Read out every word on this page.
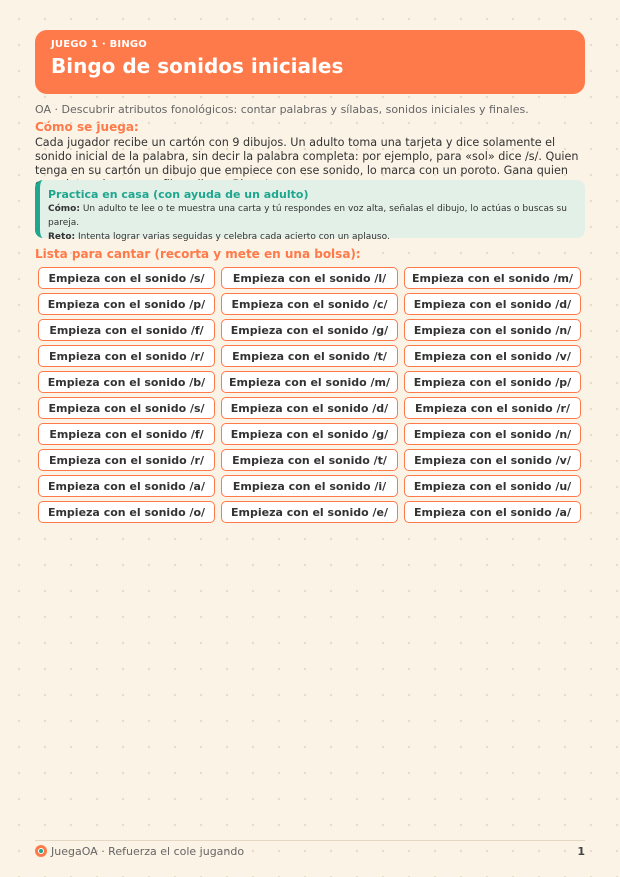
JUEGO 1 · BINGO
Bingo de sonidos iniciales
OA · Descubrir atributos fonológicos: contar palabras y sílabas, sonidos iniciales y finales.
Cómo se juega:
Cada jugador recibe un cartón con 9 dibujos. Un adulto toma una tarjeta y dice solamente el sonido inicial de la palabra, sin decir la palabra completa: por ejemplo, para «sol» dice /s/. Quien tenga en su cartón un dibujo que empiece con ese sonido, lo marca con un poroto. Gana quien
Practica en casa (con ayuda de un adulto)
Cómo: Un adulto te lee o te muestra una carta y tú respondes en voz alta, señalas el dibujo, lo actúas o buscas su pareja.
Reto: Intenta lograr varias seguidas y celebra cada acierto con un aplauso.
Lista para cantar (recorta y mete en una bolsa):
Empieza con el sonido /s/	Empieza con el sonido /l/	Empieza con el sonido /m/
Empieza con el sonido /p/	Empieza con el sonido /c/	Empieza con el sonido /d/
Empieza con el sonido /f/	Empieza con el sonido /g/	Empieza con el sonido /n/
Empieza con el sonido /r/	Empieza con el sonido /t/	Empieza con el sonido /v/
Empieza con el sonido /b/	Empieza con el sonido /m/	Empieza con el sonido /p/
Empieza con el sonido /s/	Empieza con el sonido /d/	Empieza con el sonido /r/
Empieza con el sonido /f/	Empieza con el sonido /g/	Empieza con el sonido /n/
Empieza con el sonido /r/	Empieza con el sonido /t/	Empieza con el sonido /v/
Empieza con el sonido /a/	Empieza con el sonido /i/	Empieza con el sonido /u/
Empieza con el sonido /o/	Empieza con el sonido /e/	Empieza con el sonido /a/
JuegaOA · Refuerza el cole jugando	1
